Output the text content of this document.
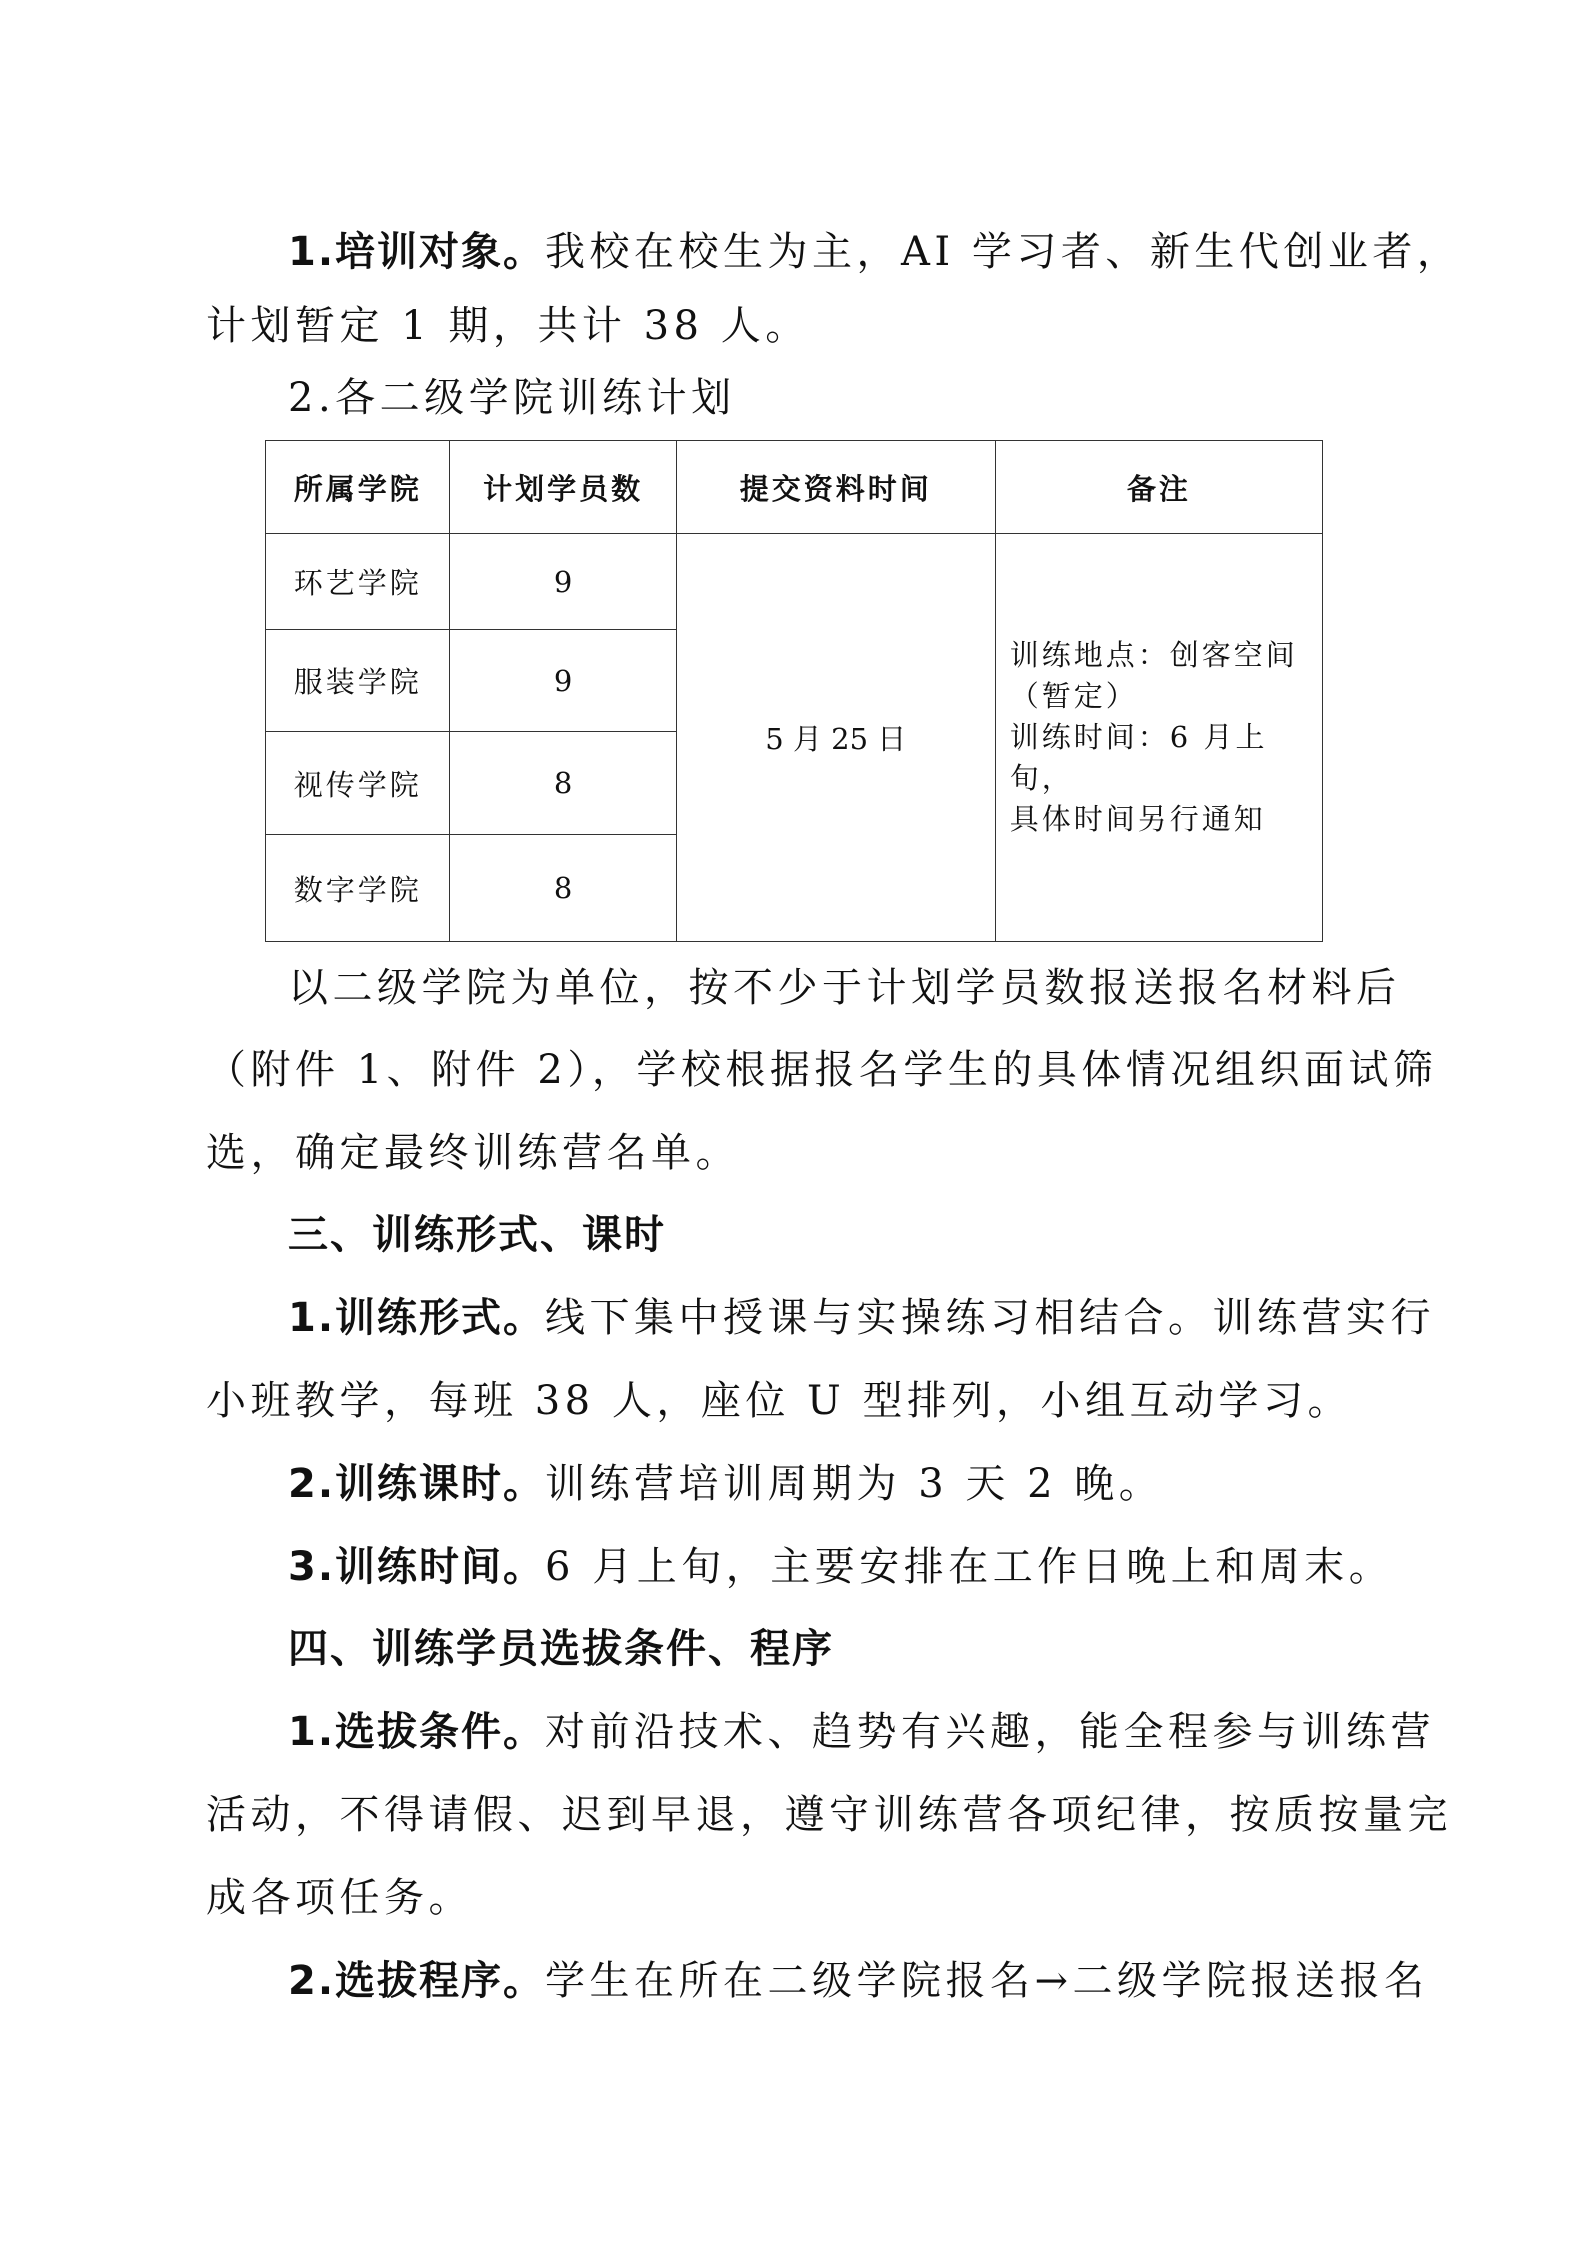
1.培训对象。我校在校生为主，AI 学习者、新生代创业者，
计划暂定 1 期，共计 38 人。
2.各二级学院训练计划
所属学院	计划学员数	提交资料时间	备注
环艺学院	9	5 月 25 日	训练地点：创客空间
（暂定）
训练时间：6 月上旬，
具体时间另行通知

服装学院	9		
视传学院	8		
数字学院	8		
以二级学院为单位，按不少于计划学员数报送报名材料后
（附件 1、附件 2），学校根据报名学生的具体情况组织面试筛
选，确定最终训练营名单。
三、训练形式、课时
1.训练形式。线下集中授课与实操练习相结合。训练营实行
小班教学，每班 38 人，座位 U 型排列，小组互动学习。
2.训练课时。训练营培训周期为 3 天 2 晚。
3.训练时间。6 月上旬，主要安排在工作日晚上和周末。
四、训练学员选拔条件、程序
1.选拔条件。对前沿技术、趋势有兴趣，能全程参与训练营
活动，不得请假、迟到早退，遵守训练营各项纪律，按质按量完
成各项任务。
2.选拔程序。学生在所在二级学院报名→二级学院报送报名
